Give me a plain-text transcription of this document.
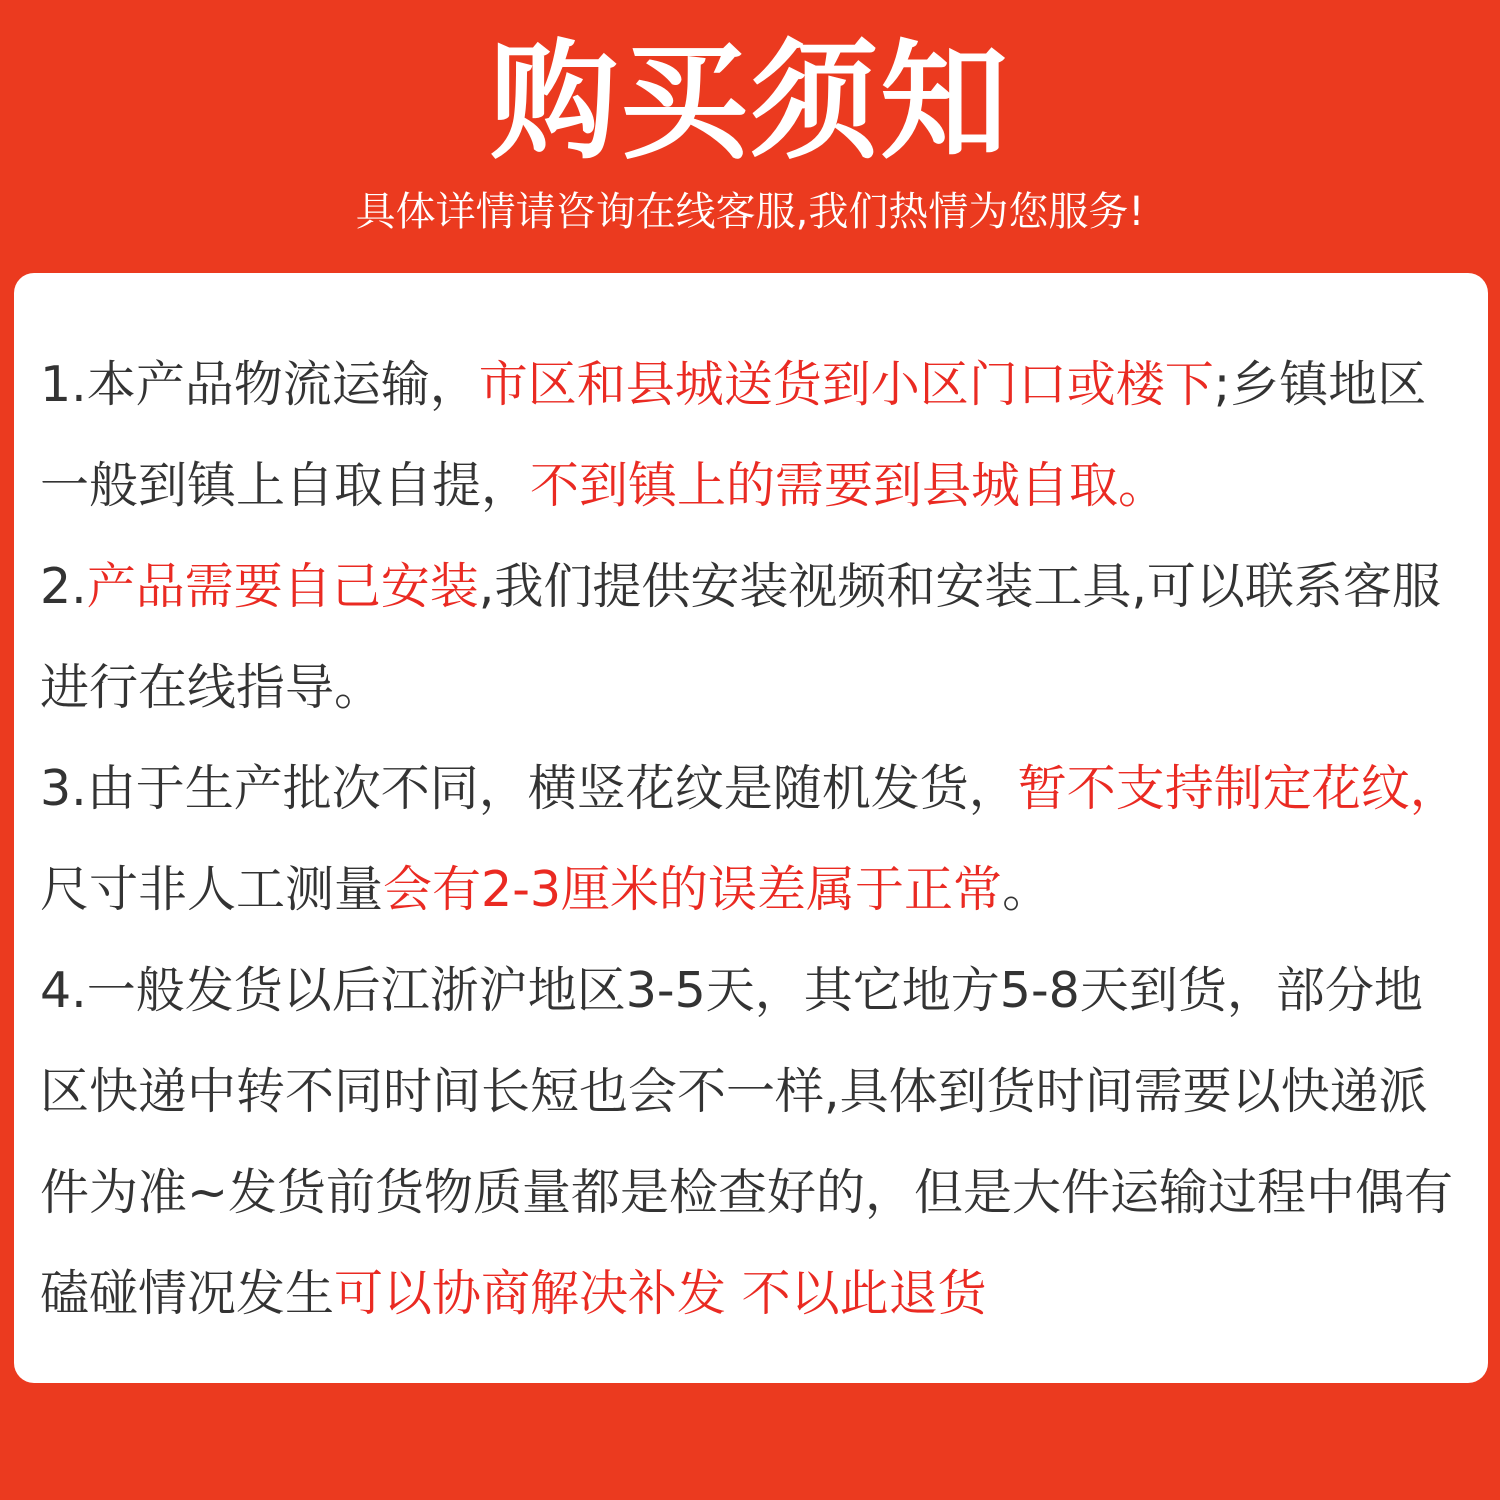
购买须知
具体详情请咨询在线客服,我们热情为您服务!

1.本产品物流运输，市区和县城送货到小区门口或楼下;乡镇地区一般到镇上自取自提，不到镇上的需要到县城自取。

2.产品需要自己安装,我们提供安装视频和安装工具,可以联系客服进行在线指导。

3.由于生产批次不同，横竖花纹是随机发货，暂不支持制定花纹，尺寸非人工测量会有2-3厘米的误差属于正常。

4.一般发货以后江浙沪地区3-5天，其它地方5-8天到货，部分地区快递中转不同时间长短也会不一样,具体到货时间需要以快递派件为准~发货前货物质量都是检查好的，但是大件运输过程中偶有磕碰情况发生可以协商解决补发 不以此退货
